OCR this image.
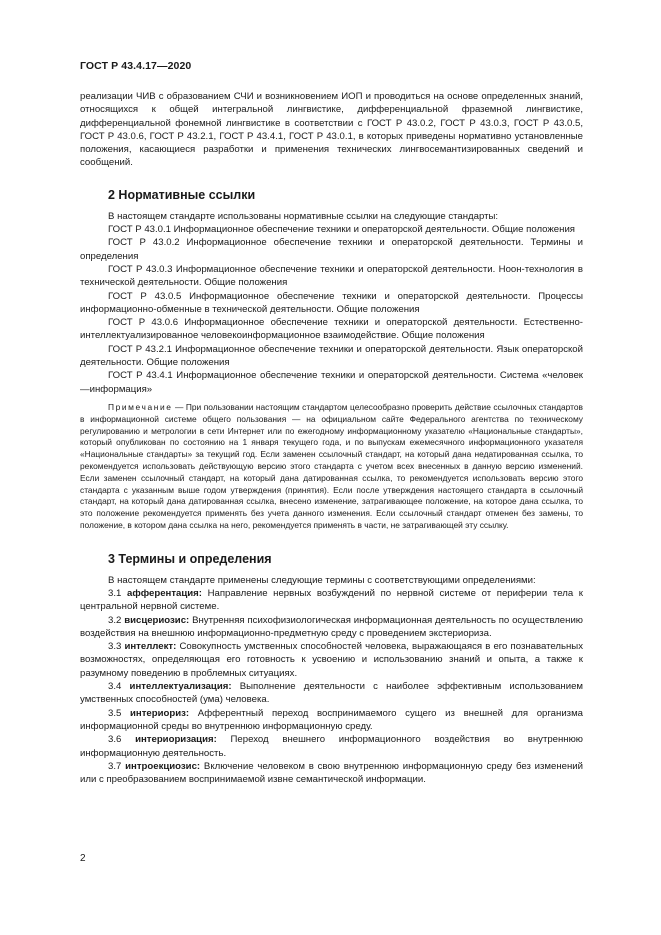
ГОСТ Р 43.4.17—2020

реализации ЧИВ с образованием СЧИ и возникновением ИОП и проводиться на основе определенных знаний, относящихся к общей интегральной лингвистике, дифференциальной фраземной лингвистике, дифференциальной фонемной лингвистике в соответствии с ГОСТ Р 43.0.2, ГОСТ Р 43.0.3, ГОСТ Р 43.0.5, ГОСТ Р 43.0.6, ГОСТ Р 43.2.1, ГОСТ Р 43.4.1, ГОСТ Р 43.0.1, в которых приведены нормативно установленные положения, касающиеся разработки и применения технических лингвосемантизированных сведений и сообщений.

2 Нормативные ссылки

В настоящем стандарте использованы нормативные ссылки на следующие стандарты:

ГОСТ Р 43.0.1 Информационное обеспечение техники и операторской деятельности. Общие положения

ГОСТ Р 43.0.2 Информационное обеспечение техники и операторской деятельности. Термины и определения

ГОСТ Р 43.0.3 Информационное обеспечение техники и операторской деятельности. Ноон-технология в технической деятельности. Общие положения

ГОСТ Р 43.0.5 Информационное обеспечение техники и операторской деятельности. Процессы информационно-обменные в технической деятельности. Общие положения

ГОСТ Р 43.0.6 Информационное обеспечение техники и операторской деятельности. Естественно-интеллектуализированное человекоинформационное взаимодействие. Общие положения

ГОСТ Р 43.2.1 Информационное обеспечение техники и операторской деятельности. Язык операторской деятельности. Общие положения

ГОСТ Р 43.4.1 Информационное обеспечение техники и операторской деятельности. Система «человек—информация»

Примечание — При пользовании настоящим стандартом целесообразно проверить действие ссылочных стандартов в информационной системе общего пользования — на официальном сайте Федерального агентства по техническому регулированию и метрологии в сети Интернет или по ежегодному информационному указателю «Национальные стандарты», который опубликован по состоянию на 1 января текущего года, и по выпускам ежемесячного информационного указателя «Национальные стандарты» за текущий год. Если заменен ссылочный стандарт, на который дана недатированная ссылка, то рекомендуется использовать действующую версию этого стандарта с учетом всех внесенных в данную версию изменений. Если заменен ссылочный стандарт, на который дана датированная ссылка, то рекомендуется использовать версию этого стандарта с указанным выше годом утверждения (принятия). Если после утверждения настоящего стандарта в ссылочный стандарт, на который дана датированная ссылка, внесено изменение, затрагивающее положение, на которое дана ссылка, то это положение рекомендуется применять без учета данного изменения. Если ссылочный стандарт отменен без замены, то положение, в котором дана ссылка на него, рекомендуется применять в части, не затрагивающей эту ссылку.

3 Термины и определения

В настоящем стандарте применены следующие термины с соответствующими определениями:

3.1 афферентация: Направление нервных возбуждений по нервной системе от периферии тела к центральной нервной системе.

3.2 висцериозис: Внутренняя психофизиологическая информационная деятельность по осуществлению воздействия на внешнюю информационно-предметную среду с проведением экстериоризa.

3.3 интеллект: Совокупность умственных способностей человека, выражающаяся в его познавательных возможностях, определяющая его готовность к усвоению и использованию знаний и опыта, а также к разумному поведению в проблемных ситуациях.

3.4 интеллектуализация: Выполнение деятельности с наиболее эффективным использованием умственных способностей (ума) человека.

3.5 интериориз: Афферентный переход воспринимаемого сущего из внешней для организма информационной среды во внутреннюю информационную среду.

3.6 интериоризация: Переход внешнего информационного воздействия во внутреннюю информационную деятельность.

3.7 интроекциозис: Включение человеком в свою внутреннюю информационную среду без изменений или с преобразованием воспринимаемой извне семантической информации.

2
